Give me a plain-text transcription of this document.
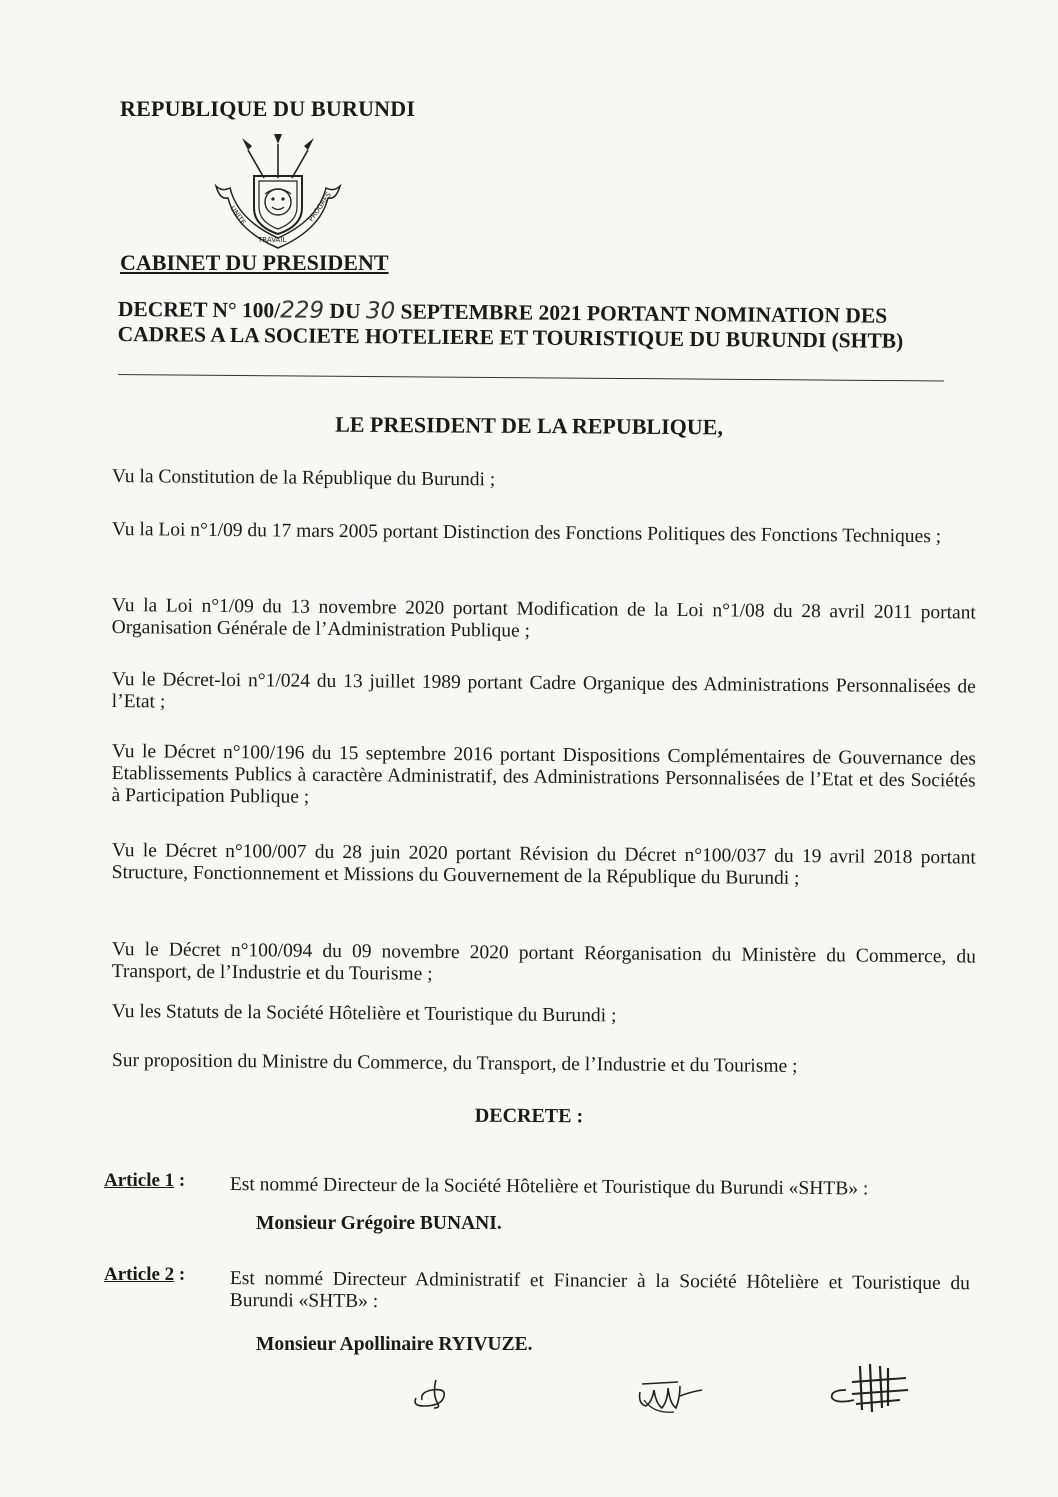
REPUBLIQUE DU BURUNDI
UNITE
TRAVAIL
PROGRES
CABINET DU PRESIDENT
DECRET N° 100/229 DU 30 SEPTEMBRE 2021 PORTANT NOMINATION DES
CADRES A LA SOCIETE HOTELIERE ET TOURISTIQUE DU BURUNDI (SHTB)
LE PRESIDENT DE LA REPUBLIQUE,
Vu la Constitution de la République du Burundi ;
Vu la Loi n°1/09 du 17 mars 2005 portant Distinction des Fonctions Politiques des Fonctions Techniques ;
Vu la Loi n°1/09 du 13 novembre 2020 portant Modification de la Loi n°1/08 du 28 avril 2011 portant Organisation Générale de l’Administration Publique ;
Vu le Décret-loi n°1/024 du 13 juillet 1989 portant Cadre Organique des Administrations Personnalisées de l’Etat ;
Vu le Décret n°100/196 du 15 septembre 2016 portant Dispositions Complémentaires de Gouvernance des Etablissements Publics à caractère Administratif, des Administrations Personnalisées de l’Etat et des Sociétés à Participation Publique ;
Vu le Décret n°100/007 du 28 juin 2020 portant Révision du Décret n°100/037 du 19 avril 2018 portant Structure, Fonctionnement et Missions du Gouvernement de la République du Burundi ;
Vu le Décret n°100/094 du 09 novembre 2020 portant Réorganisation du Ministère du Commerce, du Transport, de l’Industrie et du Tourisme ;
Vu les Statuts de la Société Hôtelière et Touristique du Burundi ;
Sur proposition du Ministre du Commerce, du Transport, de l’Industrie et du Tourisme ;
DECRETE :
Article 1 : Est nommé Directeur de la Société Hôtelière et Touristique du Burundi «SHTB» :
Monsieur Grégoire BUNANI.
Article 2 : Est nommé Directeur Administratif et Financier à la Société Hôtelière et Touristique du Burundi «SHTB» :
Monsieur Apollinaire RYIVUZE.
